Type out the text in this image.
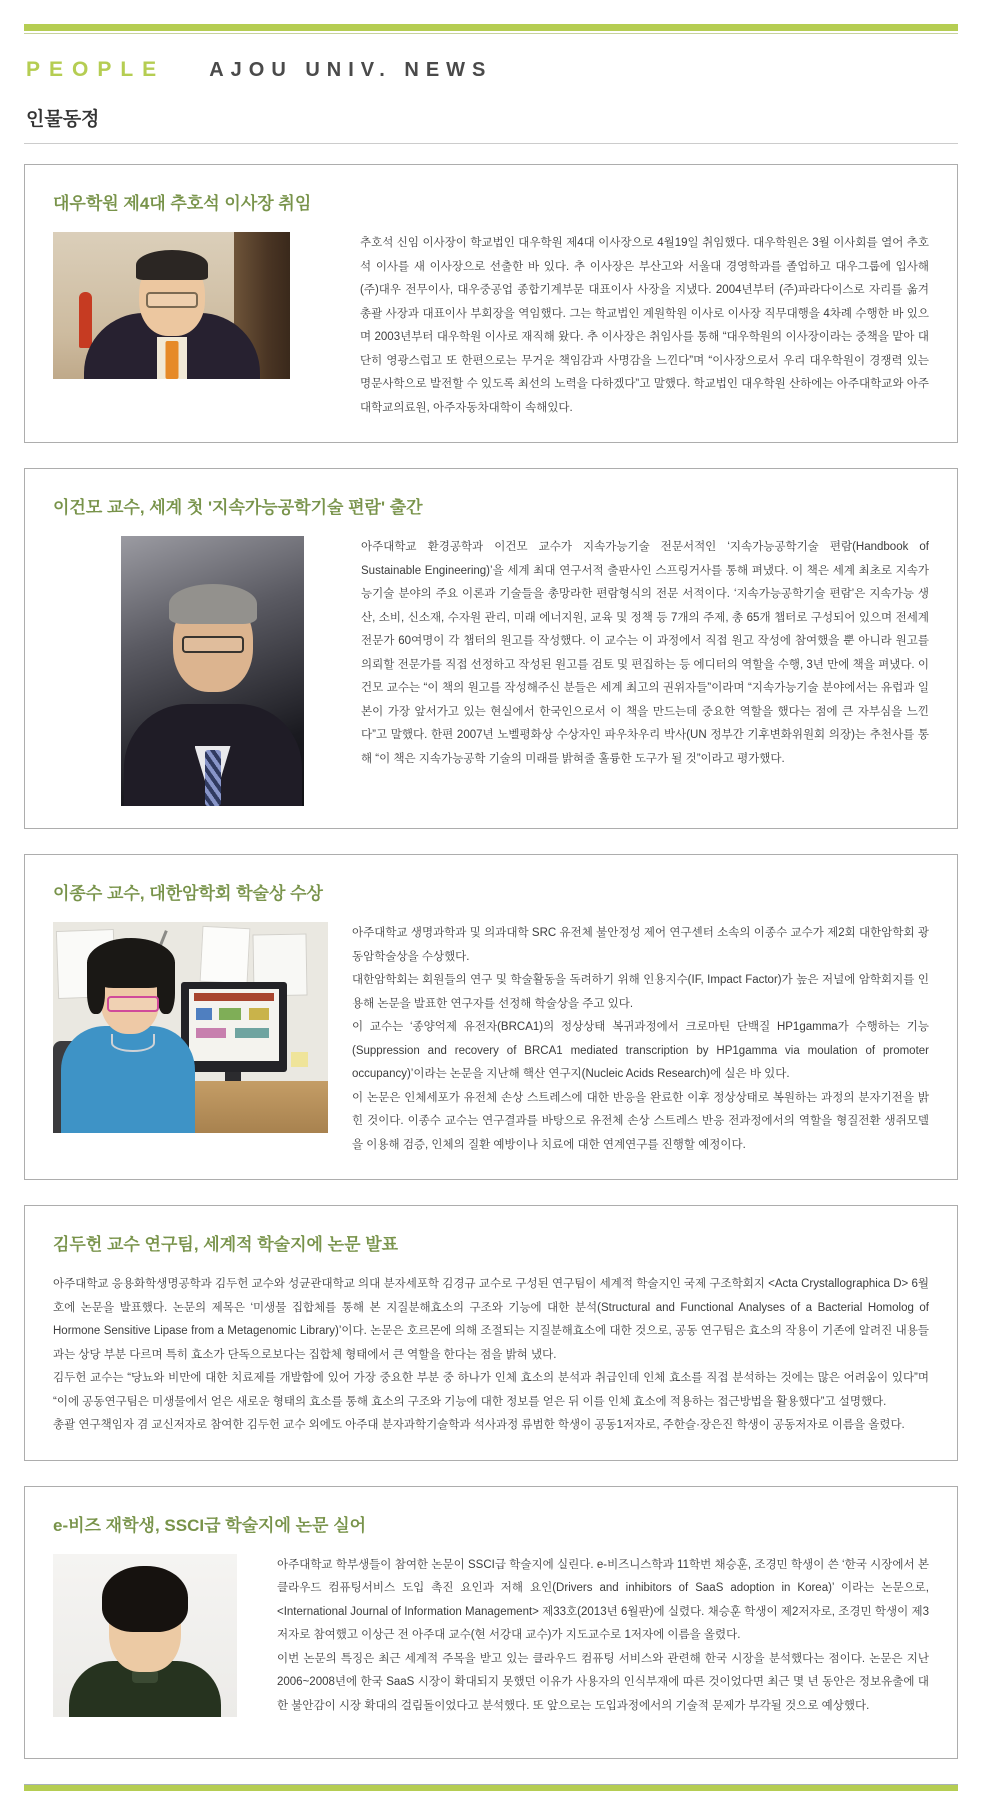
PEOPLE AJOU UNIV. NEWS
인물동정
대우학원 제4대 추호석 이사장 취임

추호석 신임 이사장이 학교법인 대우학원 제4대 이사장으로 4월19일 취임했다. 대우학원은 3월 이사회를 열어 추호석 이사를 새 이사장으로 선출한 바 있다. 추 이사장은 부산고와 서울대 경영학과를 졸업하고 대우그룹에 입사해 (주)대우 전무이사, 대우중공업 종합기계부문 대표이사 사장을 지냈다. 2004년부터 (주)파라다이스로 자리를 옮겨 총괄 사장과 대표이사 부회장을 역임했다. 그는 학교법인 계원학원 이사로 이사장 직무대행을 4차례 수행한 바 있으며 2003년부터 대우학원 이사로 재직해 왔다. 추 이사장은 취임사를 통해 “대우학원의 이사장이라는 중책을 맡아 대단히 영광스럽고 또 한편으로는 무거운 책임감과 사명감을 느낀다”며 “이사장으로서 우리 대우학원이 경쟁력 있는 명문사학으로 발전할 수 있도록 최선의 노력을 다하겠다”고 말했다. 학교법인 대우학원 산하에는 아주대학교와 아주대학교의료원, 아주자동차대학이 속해있다.

이건모 교수, 세계 첫 '지속가능공학기술 편람' 출간

아주대학교 환경공학과 이건모 교수가 지속가능기술 전문서적인 ‘지속가능공학기술 편람(Handbook of Sustainable Engineering)’을 세계 최대 연구서적 출판사인 스프링거사를 통해 펴냈다. 이 책은 세계 최초로 지속가능기술 분야의 주요 이론과 기술들을 총망라한 편람형식의 전문 서적이다. ‘지속가능공학기술 편람’은 지속가능 생산, 소비, 신소재, 수자원 관리, 미래 에너지원, 교육 및 정책 등 7개의 주제, 총 65개 챕터로 구성되어 있으며 전세계 전문가 60여명이 각 챕터의 원고를 작성했다. 이 교수는 이 과정에서 직접 원고 작성에 참여했을 뿐 아니라 원고를 의뢰할 전문가를 직접 선정하고 작성된 원고를 검토 및 편집하는 등 에디터의 역할을 수행, 3년 만에 책을 펴냈다. 이건모 교수는 “이 책의 원고를 작성해주신 분들은 세계 최고의 권위자들”이라며 “지속가능기술 분야에서는 유럽과 일본이 가장 앞서가고 있는 현실에서 한국인으로서 이 책을 만드는데 중요한 역할을 했다는 점에 큰 자부심을 느낀다”고 말했다. 한편 2007년 노벨평화상 수상자인 파우차우리 박사(UN 정부간 기후변화위원회 의장)는 추천사를 통해 “이 책은 지속가능공학 기술의 미래를 밝혀줄 훌륭한 도구가 될 것”이라고 평가했다.

이종수 교수, 대한암학회 학술상 수상

아주대학교 생명과학과 및 의과대학 SRC 유전체 불안정성 제어 연구센터 소속의 이종수 교수가 제2회 대한암학회 광동암학술상을 수상했다.

대한암학회는 회원들의 연구 및 학술활동을 독려하기 위해 인용지수(IF, Impact Factor)가 높은 저널에 암학회지를 인용해 논문을 발표한 연구자를 선정해 학술상을 주고 있다.

이 교수는 ‘종양억제 유전자(BRCA1)의 정상상태 복귀과정에서 크로마틴 단백질 HP1gamma가 수행하는 기능 (Suppression and recovery of BRCA1 mediated transcription by HP1gamma via moulation of promoter occupancy)’이라는 논문을 지난해 핵산 연구지(Nucleic Acids Research)에 실은 바 있다.

이 논문은 인체세포가 유전체 손상 스트레스에 대한 반응을 완료한 이후 정상상태로 복원하는 과정의 분자기전을 밝힌 것이다. 이종수 교수는 연구결과를 바탕으로 유전체 손상 스트레스 반응 전과정에서의 역할을 형질전환 생쥐모델을 이용해 검증, 인체의 질환 예방이나 치료에 대한 연계연구를 진행할 예정이다.

김두헌 교수 연구팀, 세계적 학술지에 논문 발표

아주대학교 응용화학생명공학과 김두헌 교수와 성균관대학교 의대 분자세포학 김경규 교수로 구성된 연구팀이 세계적 학술지인 국제 구조학회지 <Acta Crystallographica D> 6월 호에 논문을 발표했다. 논문의 제목은 ‘미생물 집합체를 통해 본 지질분해효소의 구조와 기능에 대한 분석(Structural and Functional Analyses of a Bacterial Homolog of Hormone Sensitive Lipase from a Metagenomic Library)’이다. 논문은 호르몬에 의해 조절되는 지질분해효소에 대한 것으로, 공동 연구팀은 효소의 작용이 기존에 알려진 내용들과는 상당 부분 다르며 특히 효소가 단독으로보다는 집합체 형태에서 큰 역할을 한다는 점을 밝혀 냈다.

김두헌 교수는 “당뇨와 비만에 대한 치료제를 개발함에 있어 가장 중요한 부분 중 하나가 인체 효소의 분석과 취급인데 인체 효소를 직접 분석하는 것에는 많은 어려움이 있다”며 “이에 공동연구팀은 미생물에서 얻은 새로운 형태의 효소를 통해 효소의 구조와 기능에 대한 정보를 얻은 뒤 이를 인체 효소에 적용하는 접근방법을 활용했다”고 설명했다.

총괄 연구책임자 겸 교신저자로 참여한 김두헌 교수 외에도 아주대 분자과학기술학과 석사과정 류범한 학생이 공동1저자로, 주한슬·장은진 학생이 공동저자로 이름을 올렸다.

e-비즈 재학생, SSCI급 학술지에 논문 실어

아주대학교 학부생들이 참여한 논문이 SSCI급 학술지에 실린다. e-비즈니스학과 11학번 채승훈, 조경민 학생이 쓴 ‘한국 시장에서 본 클라우드 컴퓨팅서비스 도입 촉진 요인과 저해 요인(Drivers and inhibitors of SaaS adoption in Korea)’ 이라는 논문으로, <International Journal of Information Management> 제33호(2013년 6월판)에 실렸다. 채승훈 학생이 제2저자로, 조경민 학생이 제3저자로 참여했고 이상근 전 아주대 교수(현 서강대 교수)가 지도교수로 1저자에 이름을 올렸다.

이번 논문의 특징은 최근 세계적 주목을 받고 있는 클라우드 컴퓨팅 서비스와 관련해 한국 시장을 분석했다는 점이다. 논문은 지난 2006~2008년에 한국 SaaS 시장이 확대되지 못했던 이유가 사용자의 인식부재에 따른 것이었다면 최근 몇 년 동안은 정보유출에 대한 불안감이 시장 확대의 걸림돌이었다고 분석했다. 또 앞으로는 도입과정에서의 기술적 문제가 부각될 것으로 예상했다.
